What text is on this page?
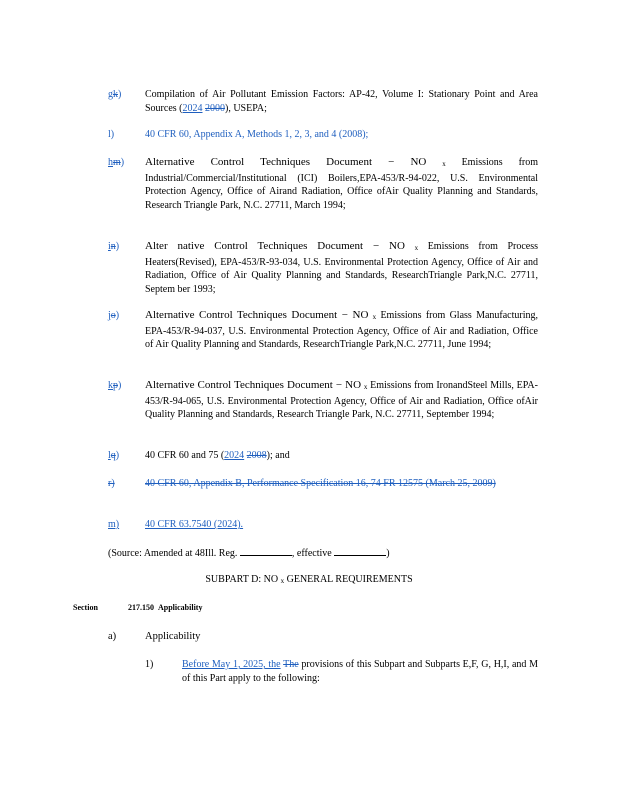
gk)	Compilation of Air Pollutant Emission Factors: AP-42, Volume I: Stationary Point and Area Sources (2024 2000), USEPA;
l)	40 CFR 60, Appendix A, Methods 1, 2, 3, and 4 (2008);
hm)	Alternative Control Techniques Document − NO x Emissions from Industrial/Commercial/Institutional (ICI) Boilers,EPA-453/R-94-022, U.S. Environmental Protection Agency, Office of Airand Radiation, Office ofAir Quality Planning and Standards, Research Triangle Park, N.C. 27711, March 1994;
in)	Alter native Control Techniques Document − NO x Emissions from Process Heaters(Revised), EPA-453/R-93-034, U.S. Environmental Protection Agency, Office of Air and Radiation, Office of Air Quality Planning and Standards, ResearchTriangle Park,N.C. 27711, Septem ber 1993;
jo)	Alternative Control Techniques Document − NO x Emissions from Glass Manufacturing, EPA-453/R-94-037, U.S. Environmental Protection Agency, Office of Air and Radiation, Office of Air Quality Planning and Standards, ResearchTriangle Park,N.C. 27711, June 1994;
kp)	Alternative Control Techniques Document − NO x Emissions from IronandSteel Mills, EPA-453/R-94-065, U.S. Environmental Protection Agency, Office of Air and Radiation, Office ofAir Quality Planning and Standards, Research Triangle Park, N.C. 27711, September 1994;
lq)	40 CFR 60 and 75 (2024 2008); and
r)	40 CFR 60, Appendix B, Performance Specification 16, 74 FR 12575 (March 25, 2009)
m)	40 CFR 63.7540 (2024).
(Source: Amended at 48Ill. Reg.	, effective	)
SUBPART D: NO x GENERAL REQUIREMENTS
Section	217.150 Applicability
a)	Applicability
1)	Before May 1, 2025, the The provisions of this Subpart and Subparts E,F, G, H,I, and M of this Part apply to the following:
